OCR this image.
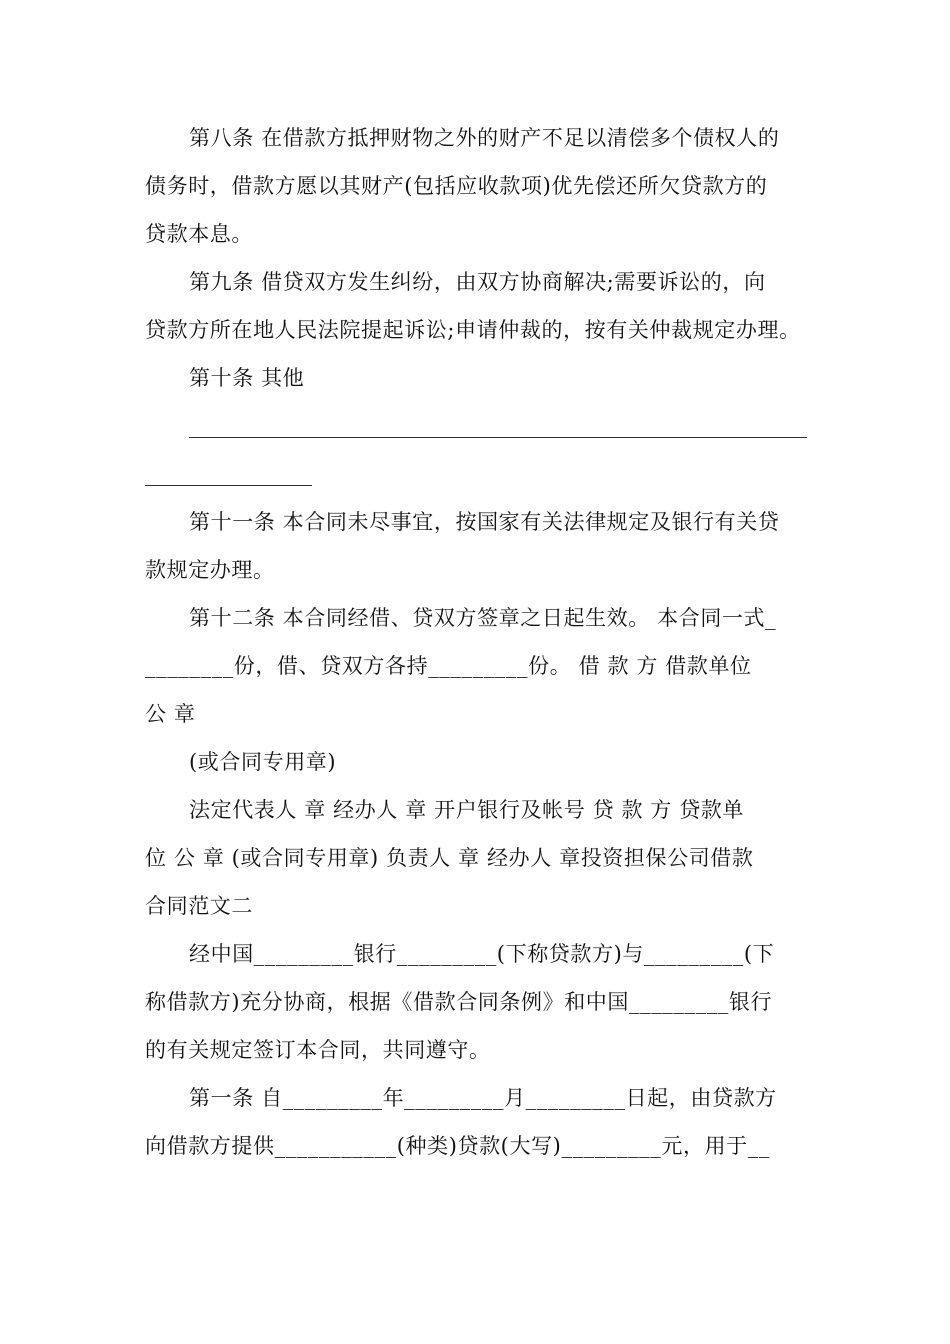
第八条 在借款方抵押财物之外的财产不足以清偿多个债权人的
债务时，借款方愿以其财产(包括应收款项)优先偿还所欠贷款方的
贷款本息。

第九条 借贷双方发生纠纷，由双方协商解决;需要诉讼的，向
贷款方所在地人民法院提起诉讼;申请仲裁的，按有关仲裁规定办理。

第十条 其他

第十一条 本合同未尽事宜，按国家有关法律规定及银行有关贷
款规定办理。

第十二条 本合同经借、贷双方签章之日起生效。 本合同一式_
________份，借、贷双方各持_________份。 借 款 方 借款单位
公 章

(或合同专用章)

法定代表人 章 经办人 章 开户银行及帐号 贷 款 方 贷款单
位 公 章 (或合同专用章) 负责人 章 经办人 章投资担保公司借款
合同范文二

经中国_________银行_________(下称贷款方)与_________(下
称借款方)充分协商，根据《借款合同条例》和中国_________银行
的有关规定签订本合同，共同遵守。

第一条 自_________年_________月_________日起，由贷款方
向借款方提供___________(种类)贷款(大写)_________元，用于__
